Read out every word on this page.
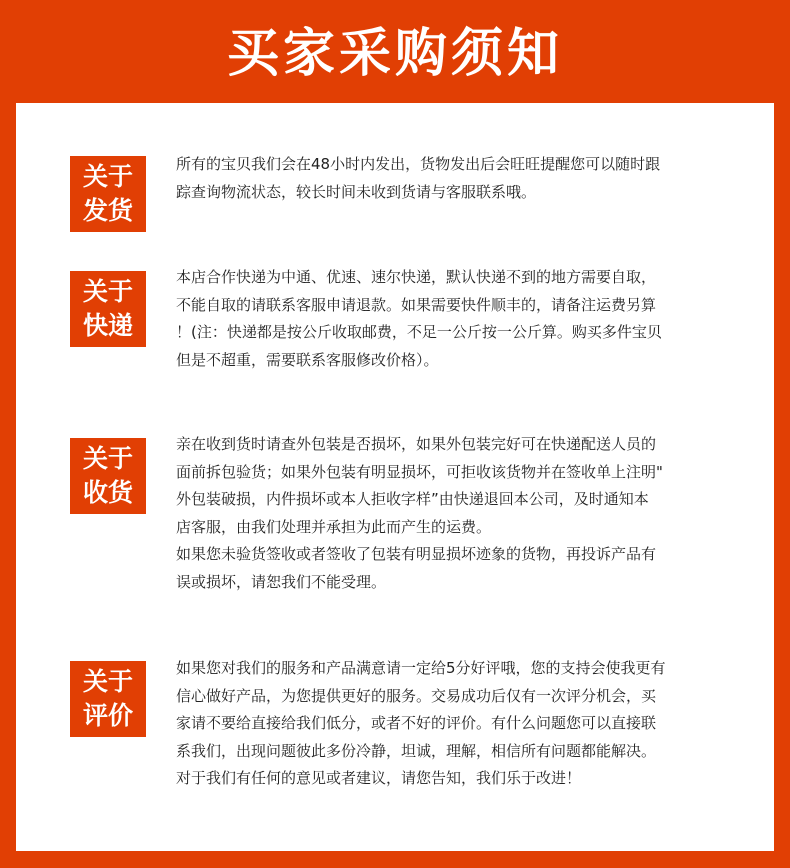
买家采购须知
关于
发货

所有的宝贝我们会在48小时内发出，货物发出后会旺旺提醒您可以随时跟

踪查询物流状态，较长时间未收到货请与客服联系哦。

关于
快递

本店合作快递为中通、优速、速尔快递，默认快递不到的地方需要自取，

不能自取的请联系客服申请退款。如果需要快件顺丰的，请备注运费另算

！(注：快递都是按公斤收取邮费，不足一公斤按一公斤算。购买多件宝贝

但是不超重，需要联系客服修改价格）。

关于
收货

亲在收到货时请查外包装是否损坏，如果外包装完好可在快递配送人员的

面前拆包验货；如果外包装有明显损坏，可拒收该货物并在签收单上注明"

外包装破损，内件损坏或本人拒收字样”由快递退回本公司，及时通知本

店客服，由我们处理并承担为此而产生的运费。

如果您未验货签收或者签收了包装有明显损坏迹象的货物，再投诉产品有

误或损坏，请恕我们不能受理。

关于
评价

如果您对我们的服务和产品满意请一定给5分好评哦，您的支持会使我更有

信心做好产品，为您提供更好的服务。交易成功后仅有一次评分机会，买

家请不要给直接给我们低分，或者不好的评价。有什么问题您可以直接联

系我们，出现问题彼此多份冷静，坦诚，理解，相信所有问题都能解决。

对于我们有任何的意见或者建议，请您告知，我们乐于改进！
